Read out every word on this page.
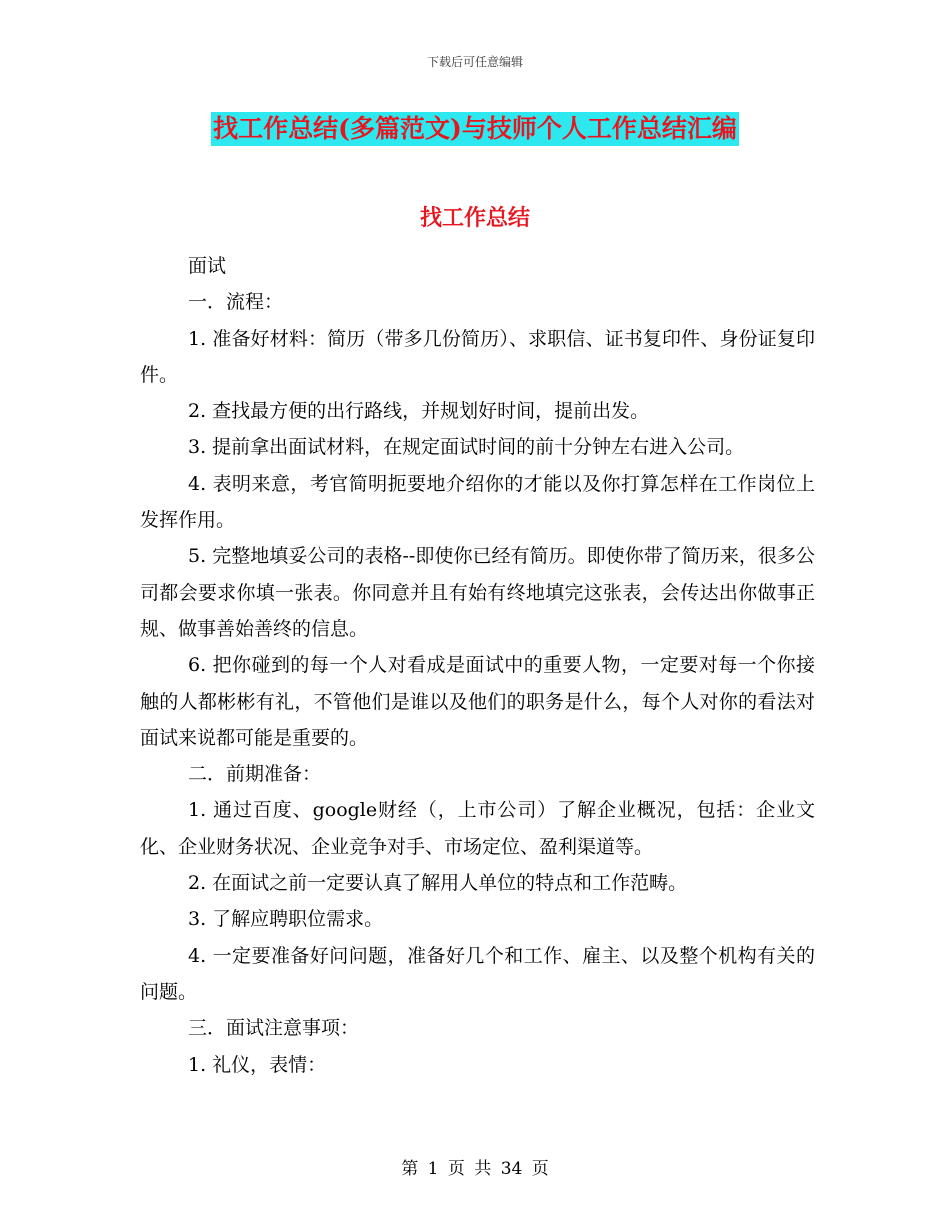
下载后可任意编辑
找工作总结(多篇范文)与技师个人工作总结汇编
找工作总结

面试

一．流程：

1. 准备好材料：简历（带多几份简历）、求职信、证书复印件、身份证复印件。

2. 查找最方便的出行路线，并规划好时间，提前出发。

3. 提前拿出面试材料，在规定面试时间的前十分钟左右进入公司。

4. 表明来意，考官简明扼要地介绍你的才能以及你打算怎样在工作岗位上发挥作用。

5. 完整地填妥公司的表格--即使你已经有简历。即使你带了简历来，很多公司都会要求你填一张表。你同意并且有始有终地填完这张表，会传达出你做事正规、做事善始善终的信息。

6. 把你碰到的每一个人对看成是面试中的重要人物，一定要对每一个你接触的人都彬彬有礼，不管他们是谁以及他们的职务是什么，每个人对你的看法对面试来说都可能是重要的。

二．前期准备：

1. 通过百度、google财经（，上市公司）了解企业概况，包括：企业文化、企业财务状况、企业竞争对手、市场定位、盈利渠道等。

2. 在面试之前一定要认真了解用人单位的特点和工作范畴。

3. 了解应聘职位需求。

4. 一定要准备好问问题，准备好几个和工作、雇主、以及整个机构有关的问题。

三．面试注意事项：

1. 礼仪，表情：

第 1 页 共 34 页
